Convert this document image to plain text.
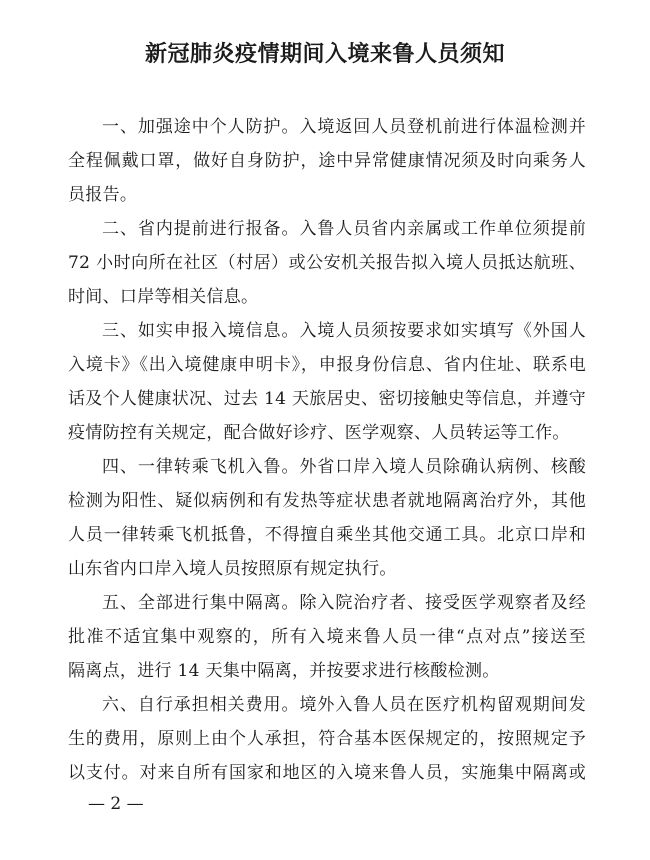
新冠肺炎疫情期间入境来鲁人员须知
一、加强途中个人防护。入境返回人员登机前进行体温检测并
全程佩戴口罩，做好自身防护，途中异常健康情况须及时向乘务人
员报告。
二、省内提前进行报备。入鲁人员省内亲属或工作单位须提前
72 小时向所在社区（村居）或公安机关报告拟入境人员抵达航班、
时间、口岸等相关信息。
三、如实申报入境信息。入境人员须按要求如实填写《外国人
入境卡》《出入境健康申明卡》，申报身份信息、省内住址、联系电
话及个人健康状况、过去 14 天旅居史、密切接触史等信息，并遵守
疫情防控有关规定，配合做好诊疗、医学观察、人员转运等工作。
四、一律转乘飞机入鲁。外省口岸入境人员除确认病例、核酸
检测为阳性、疑似病例和有发热等症状患者就地隔离治疗外，其他
人员一律转乘飞机抵鲁，不得擅自乘坐其他交通工具。北京口岸和
山东省内口岸入境人员按照原有规定执行。
五、全部进行集中隔离。除入院治疗者、接受医学观察者及经
批准不适宜集中观察的，所有入境来鲁人员一律“点对点”接送至
隔离点，进行 14 天集中隔离，并按要求进行核酸检测。
六、自行承担相关费用。境外入鲁人员在医疗机构留观期间发
生的费用，原则上由个人承担，符合基本医保规定的，按照规定予
以支付。对来自所有国家和地区的入境来鲁人员，实施集中隔离或
— 2 —
